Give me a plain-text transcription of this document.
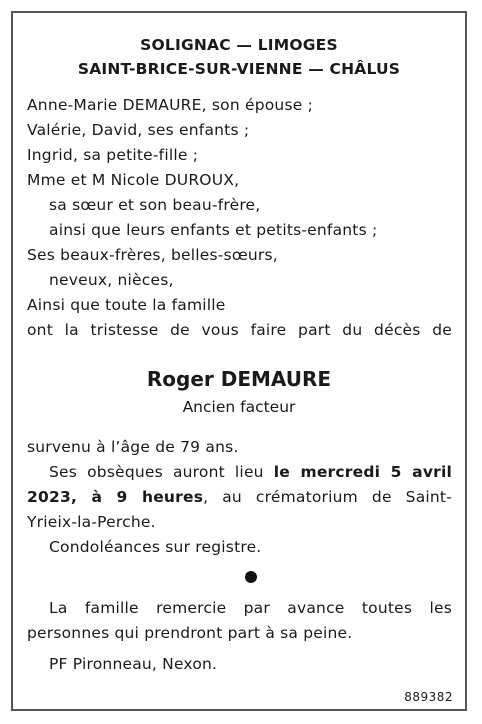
SOLIGNAC — LIMOGES
SAINT-BRICE-SUR-VIENNE — CHÂLUS
Anne-Marie DEMAURE, son épouse ;
Valérie, David, ses enfants ;
Ingrid, sa petite-fille ;
Mme et M Nicole DUROUX,
sa sœur et son beau-frère,
ainsi que leurs enfants et petits-enfants ;
Ses beaux-frères, belles-sœurs,
neveux, nièces,
Ainsi que toute la famille
ont la tristesse de vous faire part du décès de
Roger DEMAURE
Ancien facteur
survenu à l’âge de 79 ans.
Ses obsèques auront lieu le mercredi 5 avril
2023, à 9 heures, au crématorium de Saint-
Yrieix-la-Perche.
Condoléances sur registre.
La famille remercie par avance toutes les
personnes qui prendront part à sa peine.
PF Pironneau, Nexon.
889382
